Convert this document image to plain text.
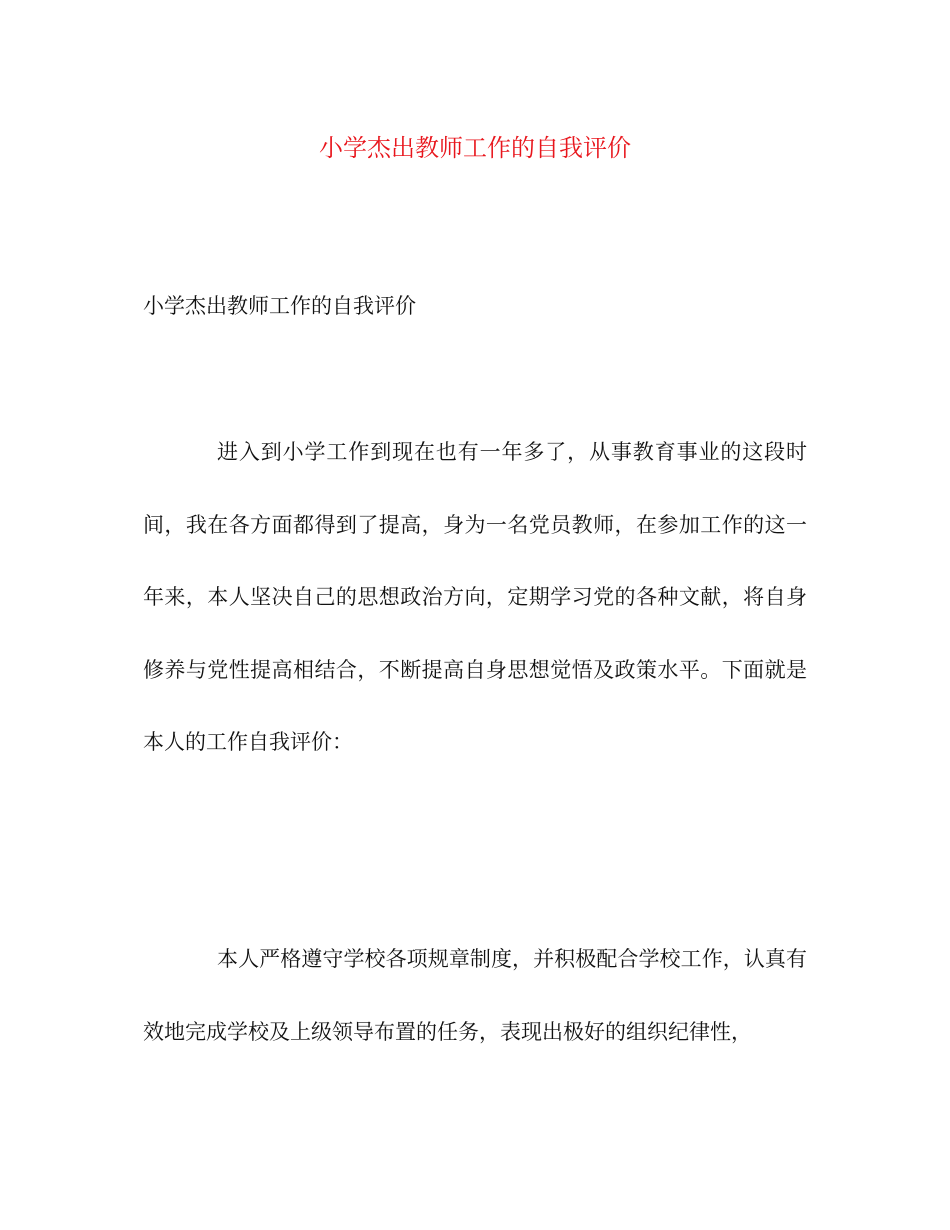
小学杰出教师工作的自我评价

小学杰出教师工作的自我评价

进入到小学工作到现在也有一年多了，从事教育事业的这段时间，我在各方面都得到了提高，身为一名党员教师，在参加工作的这一年来，本人坚决自己的思想政治方向，定期学习党的各种文献，将自身修养与党性提高相结合，不断提高自身思想觉悟及政策水平。下面就是本人的工作自我评价：

本人严格遵守学校各项规章制度，并积极配合学校工作，认真有效地完成学校及上级领导布置的任务，表现出极好的组织纪律性，
